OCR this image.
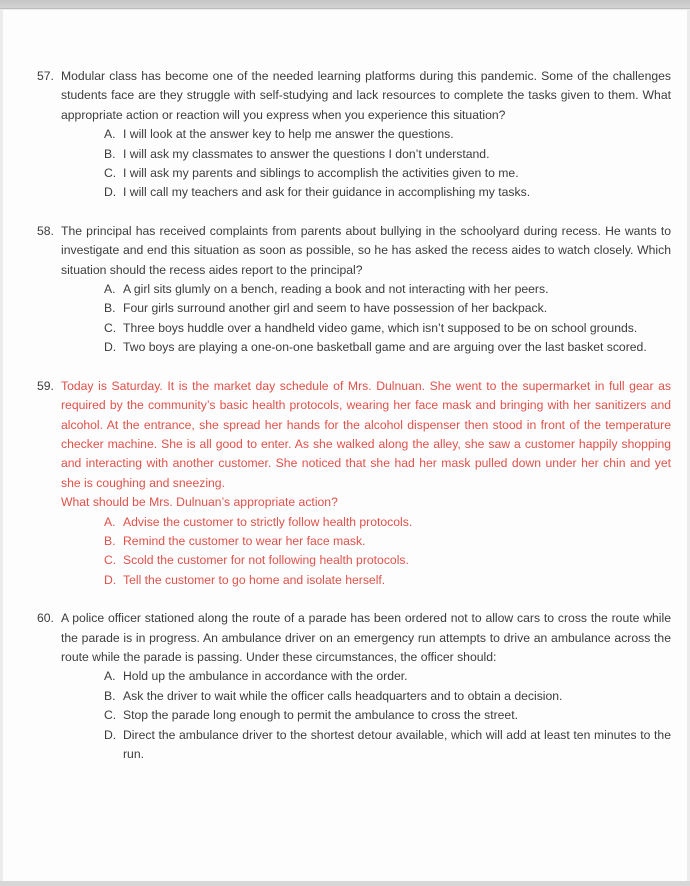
57. Modular class has become one of the needed learning platforms during this pandemic. Some of the challenges students face are they struggle with self-studying and lack resources to complete the tasks given to them. What appropriate action or reaction will you express when you experience this situation?

A. I will look at the answer key to help me answer the questions.

B. I will ask my classmates to answer the questions I don’t understand.

C. I will ask my parents and siblings to accomplish the activities given to me.

D. I will call my teachers and ask for their guidance in accomplishing my tasks.

58. The principal has received complaints from parents about bullying in the schoolyard during recess. He wants to investigate and end this situation as soon as possible, so he has asked the recess aides to watch closely. Which situation should the recess aides report to the principal?

A. A girl sits glumly on a bench, reading a book and not interacting with her peers.

B. Four girls surround another girl and seem to have possession of her backpack.

C. Three boys huddle over a handheld video game, which isn’t supposed to be on school grounds.

D. Two boys are playing a one-on-one basketball game and are arguing over the last basket scored.

59. Today is Saturday. It is the market day schedule of Mrs. Dulnuan. She went to the supermarket in full gear as required by the community’s basic health protocols, wearing her face mask and bringing with her sanitizers and alcohol. At the entrance, she spread her hands for the alcohol dispenser then stood in front of the temperature checker machine. She is all good to enter. As she walked along the alley, she saw a customer happily shopping and interacting with another customer. She noticed that she had her mask pulled down under her chin and yet she is coughing and sneezing.

What should be Mrs. Dulnuan’s appropriate action?

A. Advise the customer to strictly follow health protocols.

B. Remind the customer to wear her face mask.

C. Scold the customer for not following health protocols.

D. Tell the customer to go home and isolate herself.

60. A police officer stationed along the route of a parade has been ordered not to allow cars to cross the route while the parade is in progress. An ambulance driver on an emergency run attempts to drive an ambulance across the route while the parade is passing. Under these circumstances, the officer should:

A. Hold up the ambulance in accordance with the order.

B. Ask the driver to wait while the officer calls headquarters and to obtain a decision.

C. Stop the parade long enough to permit the ambulance to cross the street.

D. Direct the ambulance driver to the shortest detour available, which will add at least ten minutes to the run.
